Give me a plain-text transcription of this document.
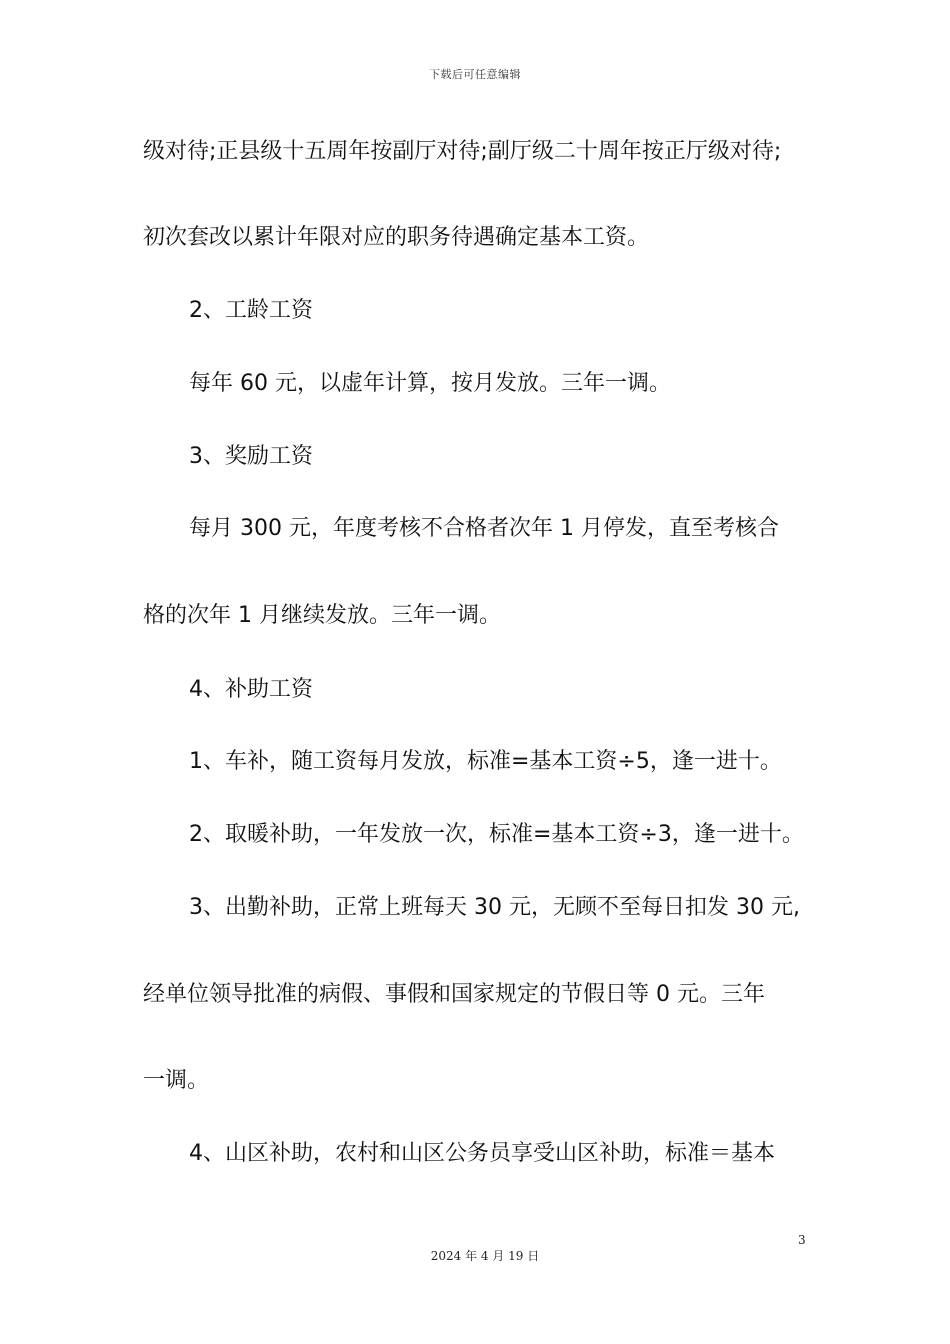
下载后可任意编辑
级对待;正县级十五周年按副厅对待;副厅级二十周年按正厅级对待;
初次套改以累计年限对应的职务待遇确定基本工资。
2、工龄工资
每年 60 元，以虚年计算，按月发放。三年一调。
3、奖励工资
每月 300 元，年度考核不合格者次年 1 月停发，直至考核合
格的次年 1 月继续发放。三年一调。
4、补助工资
1、车补，随工资每月发放，标准=基本工资÷5，逢一进十。
2、取暖补助，一年发放一次，标准=基本工资÷3，逢一进十。
3、出勤补助，正常上班每天 30 元，无顾不至每日扣发 30 元,
经单位领导批准的病假、事假和国家规定的节假日等 0 元。三年
一调。
4、山区补助，农村和山区公务员享受山区补助，标准＝基本
3
2024 年 4 月 19 日
